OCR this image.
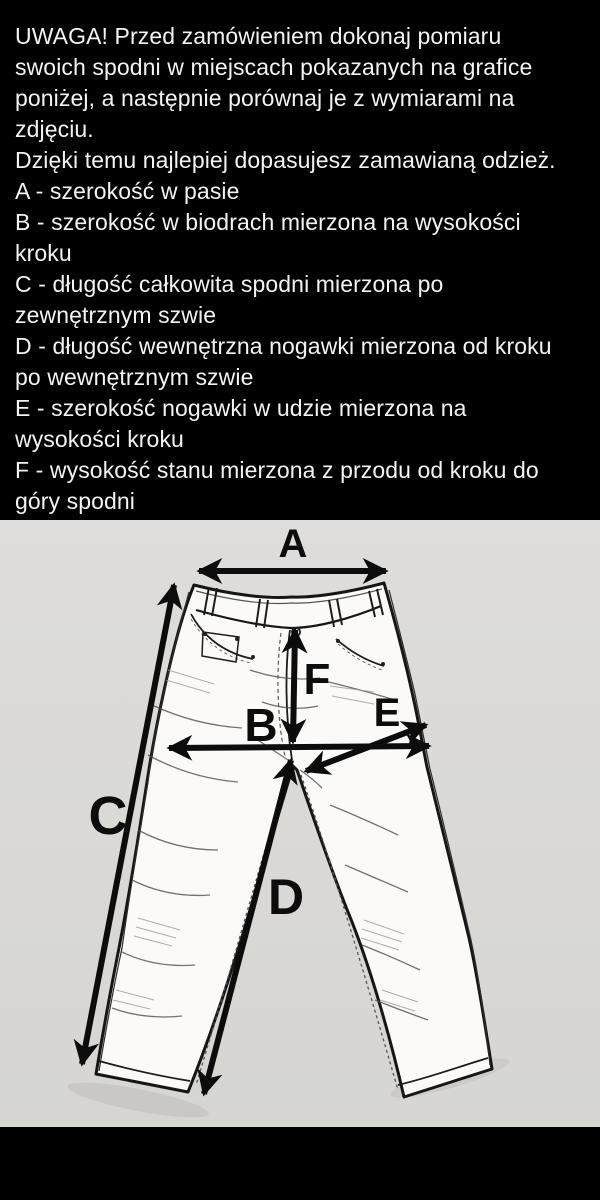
UWAGA! Przed zamówieniem dokonaj pomiaru
swoich spodni w miejscach pokazanych na grafice
poniżej, a następnie porównaj je z wymiarami na
zdjęciu.
Dzięki temu najlepiej dopasujesz zamawianą odzież.
A - szerokość w pasie
B - szerokość w biodrach mierzona na wysokości
kroku
C - długość całkowita spodni mierzona po
zewnętrznym szwie
D - długość wewnętrzna nogawki mierzona od kroku
po wewnętrznym szwie
E - szerokość nogawki w udzie mierzona na
wysokości kroku
F - wysokość stanu mierzona z przodu od kroku do
góry spodni
A
B
C
D
E
F
